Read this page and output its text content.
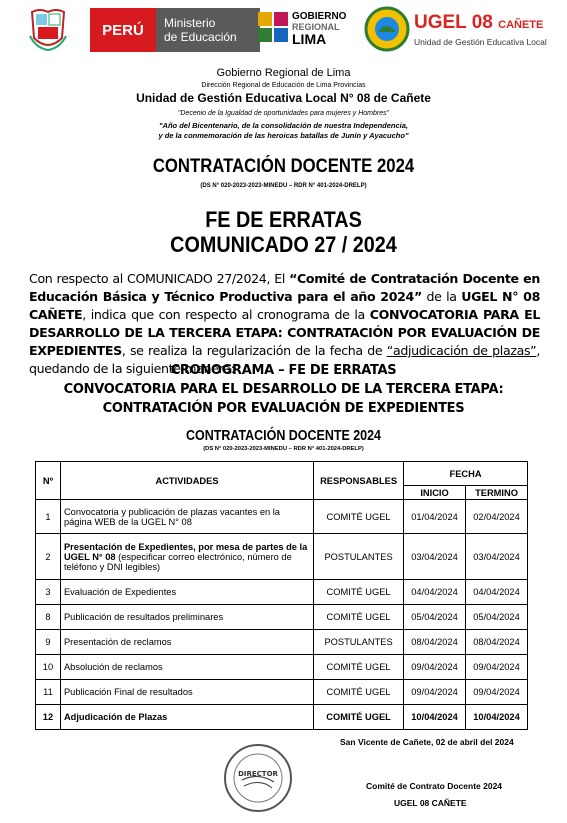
PERÚ Ministerio
de Educación
GOBIERNO
REGIONAL
LIMA
UGEL 08 CAÑETE
Unidad de Gestión Educativa Local
Gobierno Regional de Lima
Dirección Regional de Educación de Lima Provincias
Unidad de Gestión Educativa Local N° 08 de Cañete
"Decenio de la Igualdad de oportunidades para mujeres y Hombres"
"Año del Bicentenario, de la consolidación de nuestra Independencia,
y de la conmemoración de las heroicas batallas de Junín y Ayacucho"
CONTRATACIÓN DOCENTE 2024
(DS N° 020-2023-2023-MINEDU – RDR N° 401-2024-DRELP)
FE DE ERRATAS
COMUNICADO 27 / 2024
Con respecto al COMUNICADO 27/2024, El “Comité de Contratación Docente en Educación Básica y Técnico Productiva para el año 2024” de la UGEL N° 08 CAÑETE, indica que con respecto al cronograma de la CONVOCATORIA PARA EL DESARROLLO DE LA TERCERA ETAPA: CONTRATACIÓN POR EVALUACIÓN DE EXPEDIENTES, se realiza la regularización de la fecha de “adjudicación de plazas”, quedando de la siguiente manera:
CRONOGRAMA – FE DE ERRATAS
CONVOCATORIA PARA EL DESARROLLO DE LA TERCERA ETAPA:
CONTRATACIÓN POR EVALUACIÓN DE EXPEDIENTES
CONTRATACIÓN DOCENTE 2024
(DS N° 020-2023-2023-MINEDU – RDR N° 401-2024-DRELP)
Nº	ACTIVIDADES	RESPONSABLES	FECHA	
			INICIO	TERMINO
1	Convocatoria y publicación de plazas vacantes en la página WEB de la UGEL N° 08	COMITÉ UGEL	01/04/2024	02/04/2024
2	Presentación de Expedientes, por mesa de partes de la UGEL N° 08 (especificar correo electrónico, número de teléfono y DNI legibles)	POSTULANTES	03/04/2024	03/04/2024
3	Evaluación de Expedientes	COMITÉ UGEL	04/04/2024	04/04/2024
8	Publicación de resultados preliminares	COMITÉ UGEL	05/04/2024	05/04/2024
9	Presentación de reclamos	POSTULANTES	08/04/2024	08/04/2024
10	Absolución de reclamos	COMITÉ UGEL	09/04/2024	09/04/2024
11	Publicación Final de resultados	COMITÉ UGEL	09/04/2024	09/04/2024
12	Adjudicación de Plazas	COMITÉ UGEL	10/04/2024	10/04/2024
San Vicente de Cañete, 02 de abril del 2024
DIRECTOR
Comité de Contrato Docente 2024
UGEL 08 CAÑETE
